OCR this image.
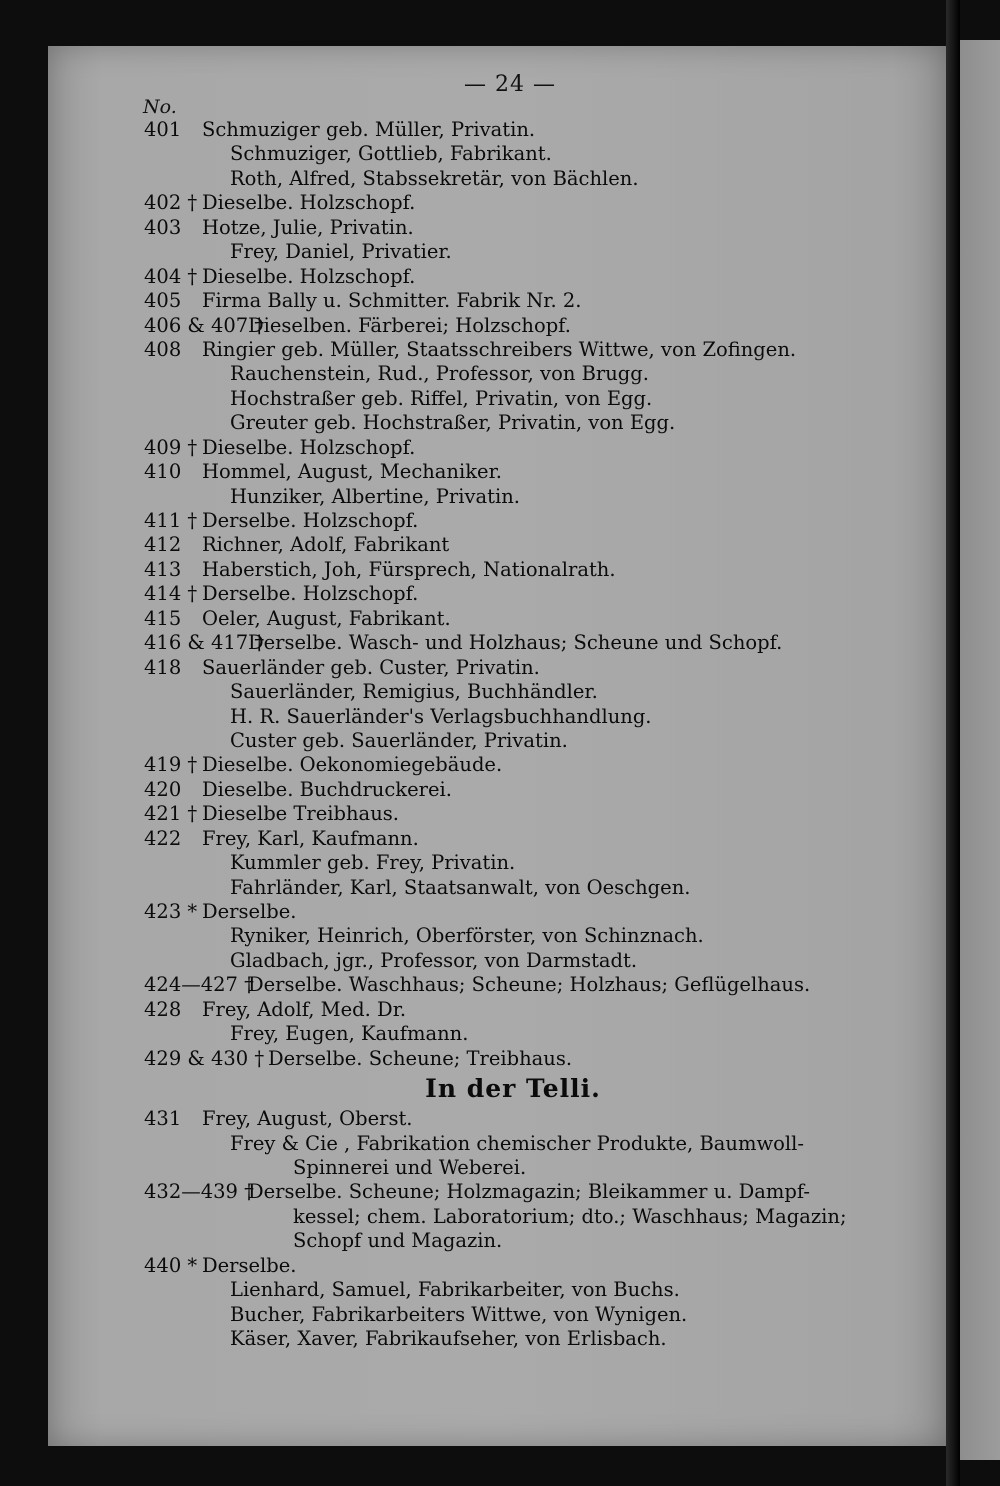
— 24 —
No.
401 Schmuziger geb. Müller, Privatin.
Schmuziger, Gottlieb, Fabrikant.
Roth, Alfred, Stabssekretär, von Bächlen.
402 † Dieselbe. Holzschopf.
403 Hotze, Julie, Privatin.
Frey, Daniel, Privatier.
404 † Dieselbe. Holzschopf.
405 Firma Bally u. Schmitter. Fabrik Nr. 2.
406 & 407 †
Dieselben. Färberei; Holzschopf.
408 Ringier geb. Müller, Staatsschreibers Wittwe, von Zofingen.
Rauchenstein, Rud., Professor, von Brugg.
Hochstraßer geb. Riffel, Privatin, von Egg.
Greuter geb. Hochstraßer, Privatin, von Egg.
409 † Dieselbe. Holzschopf.
410 Hommel, August, Mechaniker.
Hunziker, Albertine, Privatin.
411 † Derselbe. Holzschopf.
412 Richner, Adolf, Fabrikant
413 Haberstich, Joh, Fürsprech, Nationalrath.
414 † Derselbe. Holzschopf.
415 Oeler, August, Fabrikant.
416 & 417 †
Derselbe. Wasch- und Holzhaus; Scheune und Schopf.
418 Sauerländer geb. Custer, Privatin.
Sauerländer, Remigius, Buchhändler.
H. R. Sauerländer's Verlagsbuchhandlung.
Custer geb. Sauerländer, Privatin.
419 † Dieselbe. Oekonomiegebäude.
420 Dieselbe. Buchdruckerei.
421 † Dieselbe Treibhaus.
422 Frey, Karl, Kaufmann.
Kummler geb. Frey, Privatin.
Fahrländer, Karl, Staatsanwalt, von Oeschgen.
423 * Derselbe.
Ryniker, Heinrich, Oberförster, von Schinznach.
Gladbach, jgr., Professor, von Darmstadt.
424—427 †
Derselbe. Waschhaus; Scheune; Holzhaus; Geflügelhaus.
428 Frey, Adolf, Med. Dr.
Frey, Eugen, Kaufmann.
429 & 430 † Derselbe. Scheune; Treibhaus.
In der Telli.
431 Frey, August, Oberst.
Frey & Cie , Fabrikation chemischer Produkte, Baumwoll-
Spinnerei und Weberei.
432—439 †
Derselbe. Scheune; Holzmagazin; Bleikammer u. Dampf-
kessel; chem. Laboratorium; dto.; Waschhaus; Magazin;
Schopf und Magazin.
440 * Derselbe.
Lienhard, Samuel, Fabrikarbeiter, von Buchs.
Bucher, Fabrikarbeiters Wittwe, von Wynigen.
Käser, Xaver, Fabrikaufseher, von Erlisbach.
